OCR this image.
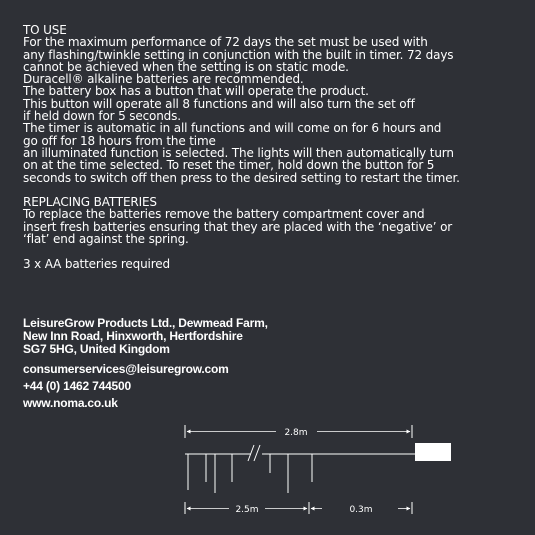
TO USE

For the maximum performance of 72 days the set must be used with

any flashing/twinkle setting in conjunction with the built in timer. 72 days

cannot be achieved when the setting is on static mode.

Duracell® alkaline batteries are recommended.

The battery box has a button that will operate the product.

This button will operate all 8 functions and will also turn the set off

if held down for 5 seconds.

The timer is automatic in all functions and will come on for 6 hours and

go off for 18 hours from the time

an illuminated function is selected. The lights will then automatically turn

on at the time selected. To reset the timer, hold down the button for 5

seconds to switch off then press to the desired setting to restart the timer.

REPLACING BATTERIES

To replace the batteries remove the battery compartment cover and

insert fresh batteries ensuring that they are placed with the ‘negative’ or

‘flat’ end against the spring.

3 x AA batteries required

LeisureGrow Products Ltd., Dewmead Farm,

New Inn Road, Hinxworth, Hertfordshire

SG7 5HG, United Kingdom

consumerservices@leisuregrow.com

+44 (0) 1462 744500

www.noma.co.uk

2.8m
2.5m	0.3m
